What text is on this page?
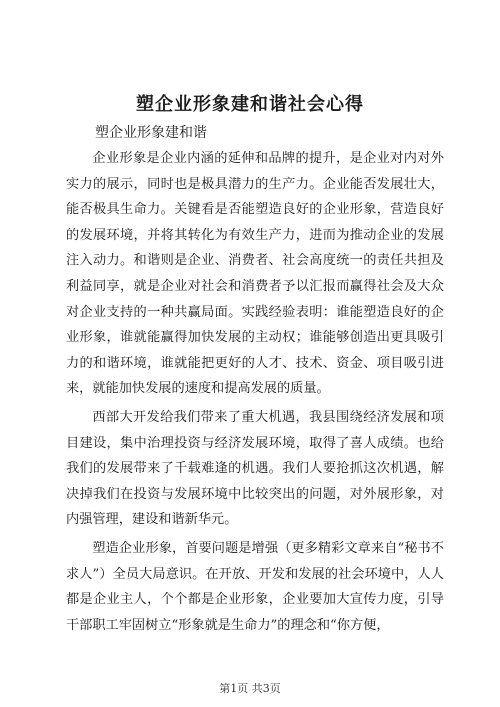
塑企业形象建和谐社会心得
塑企业形象建和谐

企业形象是企业内涵的延伸和品牌的提升，是企业对内对外实力的展示，同时也是极具潜力的生产力。企业能否发展壮大，能否极具生命力。关键看是否能塑造良好的企业形象，营造良好的发展环境，并将其转化为有效生产力，进而为推动企业的发展注入动力。和谐则是企业、消费者、社会高度统一的责任共担及利益同享，就是企业对社会和消费者予以汇报而赢得社会及大众对企业支持的一种共赢局面。实践经验表明：谁能塑造良好的企业形象，谁就能赢得加快发展的主动权；谁能够创造出更具吸引力的和谐环境，谁就能把更好的人才、技术、资金、项目吸引进来，就能加快发展的速度和提高发展的质量。

西部大开发给我们带来了重大机遇，我县围绕经济发展和项目建设，集中治理投资与经济发展环境，取得了喜人成绩。也给我们的发展带来了千载难逢的机遇。我们人要抢抓这次机遇，解决掉我们在投资与发展环境中比较突出的问题，对外展形象，对内强管理，建设和谐新华元。

塑造企业形象，首要问题是增强（更多精彩文章来自“秘书不求人”）全员大局意识。在开放、开发和发展的社会环境中，人人都是企业主人，个个都是企业形象，企业要加大宣传力度，引导干部职工牢固树立“形象就是生命力”的理念和“你方便，

第1页 共3页
